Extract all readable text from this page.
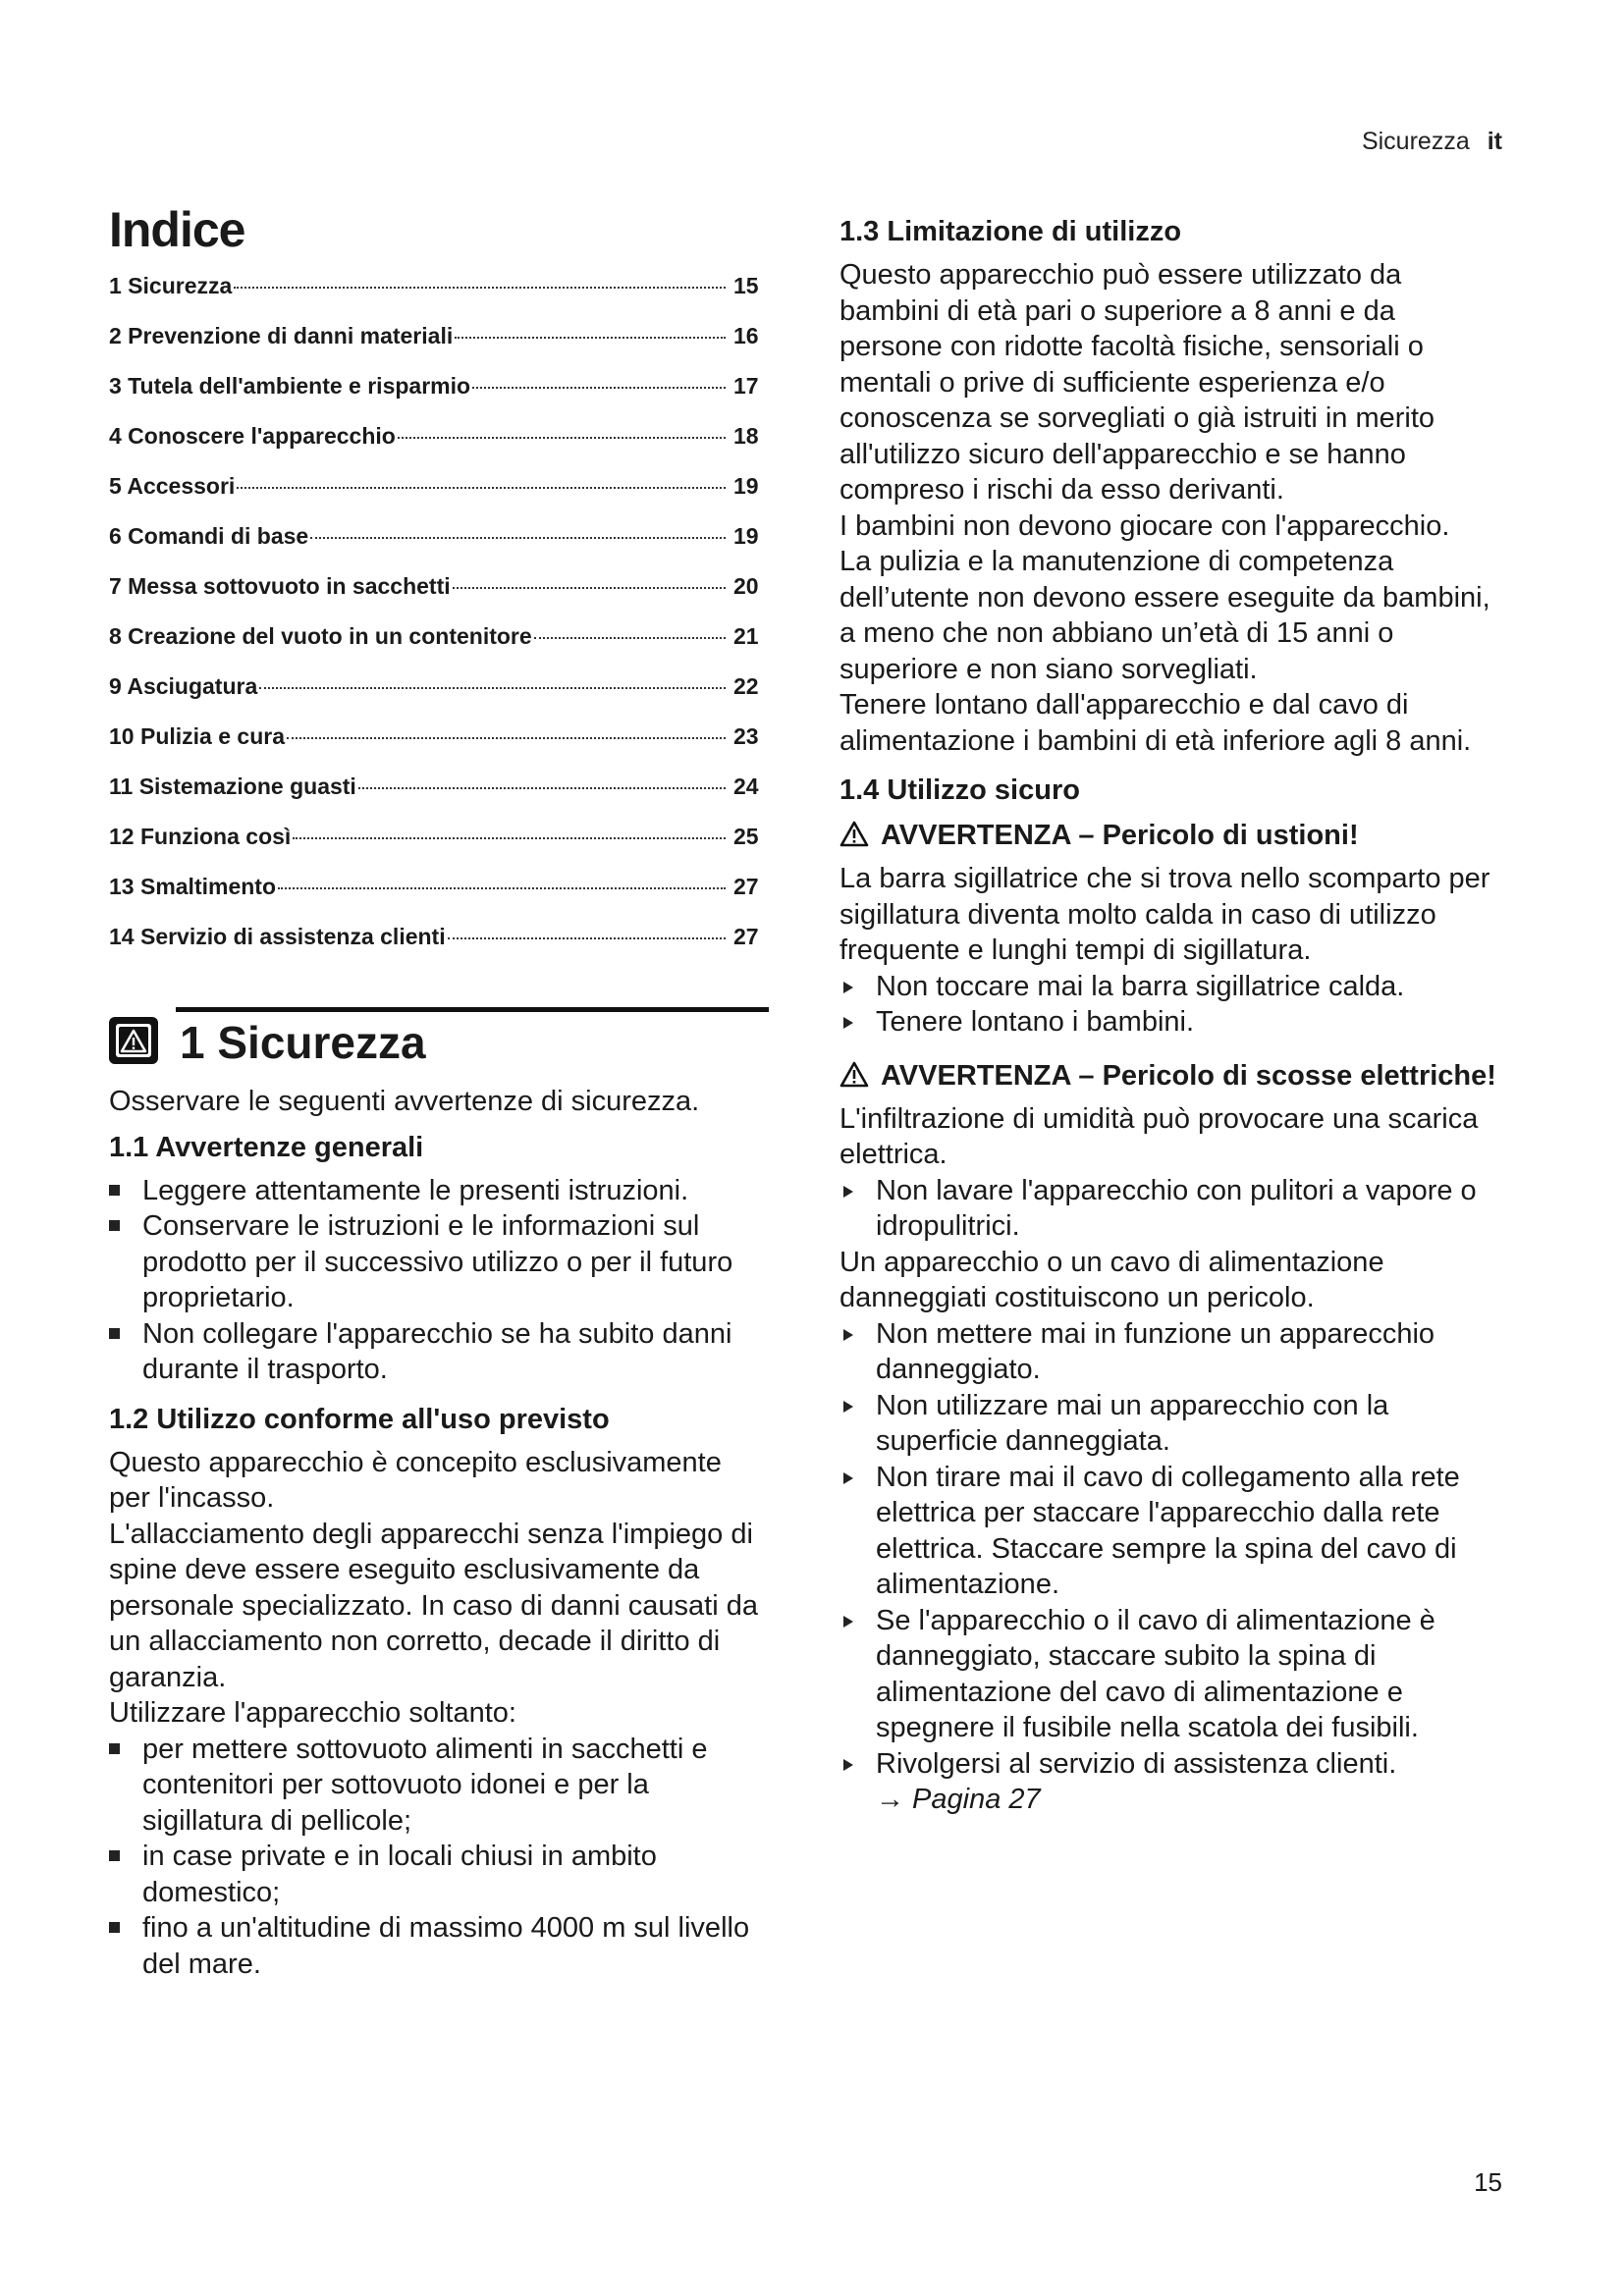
Sicurezza it
Indice
1 Sicurezza	15
2 Prevenzione di danni materiali	16
3 Tutela dell'ambiente e risparmio	17
4 Conoscere l'apparecchio	18
5 Accessori	19
6 Comandi di base	19
7 Messa sottovuoto in sacchetti	20
8 Creazione del vuoto in un contenitore	21
9 Asciugatura	22
10 Pulizia e cura	23
11 Sistemazione guasti	24
12 Funziona così	25
13 Smaltimento	27
14 Servizio di assistenza clienti	27
1 Sicurezza

Osservare le seguenti avvertenze di sicurezza.

1.1 Avvertenze generali
Leggere attentamente le presenti istruzioni.
Conservare le istruzioni e le informazioni sul prodotto per il successivo utilizzo o per il futuro proprietario.
Non collegare l'apparecchio se ha subito danni durante il trasporto.
1.2 Utilizzo conforme all'uso previsto

Questo apparecchio è concepito esclusivamente per l'incasso.

L'allacciamento degli apparecchi senza l'impiego di spine deve essere eseguito esclusivamente da personale specializzato. In caso di danni causati da un allacciamento non corretto, decade il diritto di garanzia.

Utilizzare l'apparecchio soltanto:

per mettere sottovuoto alimenti in sacchetti e contenitori per sottovuoto idonei e per la sigillatura di pellicole;
in case private e in locali chiusi in ambito domestico;
fino a un'altitudine di massimo 4000 m sul livello del mare.
1.3 Limitazione di utilizzo

Questo apparecchio può essere utilizzato da bambini di età pari o superiore a 8 anni e da persone con ridotte facoltà fisiche, sensoriali o mentali o prive di sufficiente esperienza e/o conoscenza se sorvegliati o già istruiti in merito all'utilizzo sicuro dell'apparecchio e se hanno compreso i rischi da esso derivanti.

I bambini non devono giocare con l'apparecchio.

La pulizia e la manutenzione di competenza dell’utente non devono essere eseguite da bambini, a meno che non abbiano un’età di 15 anni o superiore e non siano sorvegliati.

Tenere lontano dall'apparecchio e dal cavo di alimentazione i bambini di età inferiore agli 8 anni.

1.4 Utilizzo sicuro
AVVERTENZA – Pericolo di ustioni!

La barra sigillatrice che si trova nello scomparto per sigillatura diventa molto calda in caso di utilizzo frequente e lunghi tempi di sigillatura.

Non toccare mai la barra sigillatrice calda.
Tenere lontano i bambini.
AVVERTENZA – Pericolo di scosse elettriche!

L'infiltrazione di umidità può provocare una scarica elettrica.

Non lavare l'apparecchio con pulitori a vapore o idropulitrici.

Un apparecchio o un cavo di alimentazione danneggiati costituiscono un pericolo.

Non mettere mai in funzione un apparecchio danneggiato.
Non utilizzare mai un apparecchio con la superficie danneggiata.
Non tirare mai il cavo di collegamento alla rete elettrica per staccare l'apparecchio dalla rete elettrica. Staccare sempre la spina del cavo di alimentazione.
Se l'apparecchio o il cavo di alimentazione è danneggiato, staccare subito la spina di alimentazione del cavo di alimentazione e spegnere il fusibile nella scatola dei fusibili.
Rivolgersi al servizio di assistenza clienti.
→ Pagina 27
15
